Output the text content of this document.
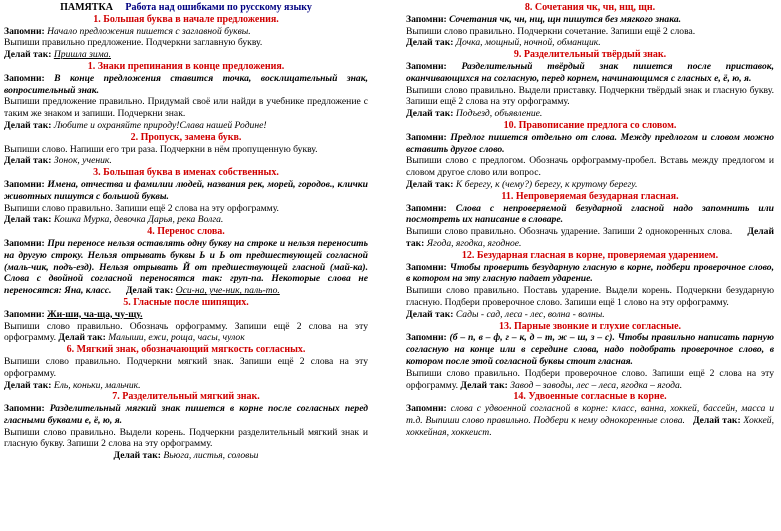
ПАМЯТКА Работа над ошибками по русскому языку
1. Большая буква в начале предложения.
Запомни: Начало предложения пишется с заглавной буквы.
Выпиши правильно предложение. Подчеркни заглавную букву.
Делай так: Пришла зима.
1. Знаки препинания в конце предложения.
Запомни: В конце предложения ставится точка, восклицательный знак, вопросительный знак.
Выпиши предложение правильно. Придумай своё или найди в учебнике предложение с таким же знаком и запиши. Подчеркни знак.
Делай так: Любите и охраняйте природу!Слава нашей Родине!
2. Пропуск, замена букв.
Выпиши слово. Напиши его три раза. Подчеркни в нём пропущенную букву.
Делай так: Зонок, ученик.
3. Большая буква в именах собственных.
Запомни: Имена, отчества и фамилии людей, названия рек, морей, городов., клички животных пишутся с большой буквы.
Выпиши слово правильно. Запиши ещё 2 слова на эту орфограмму.
Делай так: Кошка Мурка, девочка Дарья, река Волга.
4. Перенос слова.
Запомни: При переносе нельзя оставлять одну букву на строке и нельзя переносить на другую строку. Нельзя отрывать буквы Ь и Ь от предшествующей согласной (маль-чик, подъ-езд). Нельзя отрывать Й от предшествующей гласной (май-ка). Слова с двойной согласной переносятся так: груп-па. Некоторые слова не переносятся: Яна, класс. Делай так: Оси-на, уче-ник, паль-то.
5. Гласные после шипящих.
Запомни: Жи-ши, ча-ща, чу-щу.
Выпиши слово правильно. Обозначь орфограмму. Запиши ещё 2 слова на эту орфограмму. Делай так: Малыши, ежи, роща, часы, чулок
6. Мягкий знак, обозначающий мягкость согласных.
Выпиши слово правильно. Подчеркни мягкий знак. Запиши ещё 2 слова на эту орфограмму.
Делай так: Ель, коньки, мальчик.
7. Разделительный мягкий знак.
Запомни: Разделительный мягкий знак пишется в корне после согласных перед гласными буквами е, ё, ю, я.
Выпиши слово правильно. Выдели корень. Подчеркни разделительный мягкий знак и гласную букву. Запиши 2 слова на эту орфограмму.
Делай так: Вьюга, листья, соловьи
8. Сочетания чк, чн, нщ, щн.
Запомни: Сочетания чк, чн, нщ, щн пишутся без мягкого знака.
Выпиши слово правильно. Подчеркни сочетание. Запиши ещё 2 слова.
Делай так: Дочка, мощный, ночной, обманщик.
9. Разделительный твёрдый знак.
Запомни: Разделительный твёрдый знак пишется после приставок, оканчивающихся на согласную, перед корнем, начинающимся с гласных е, ё, ю, я.
Выпиши слово правильно. Выдели приставку. Подчеркни твёрдый знак и гласную букву. Запиши ещё 2 слова на эту орфограмму.
Делай так: Подъезд, объявление.
10. Правописание предлога со словом.
Запомни: Предлог пишется отдельно от слова. Между предлогом и словом можно вставить другое слово.
Выпиши слово с предлогом. Обозначь орфограмму-пробел. Вставь между предлогом и словом другое слово или вопрос.
Делай так: К берегу, к (чему?) берегу, к крутому берегу.
11. Непроверяемая безударная гласная.
Запомни: Слова с непроверяемой безударной гласной надо запомнить или посмотреть их написание в словаре.
Выпиши слово правильно. Обозначь ударение. Запиши 2 однокоренных слова. Делай так: Ягода, ягодка, ягодное.
12. Безударная гласная в корне, проверяемая ударением.
Запомни: Чтобы проверить безударную гласную в корне, подбери проверочное слово, в котором на эту гласную падает ударение.
Выпиши слово правильно. Поставь ударение. Выдели корень. Подчеркни безударную гласную. Подбери проверочное слово. Запиши ещё 1 слово на эту орфограмму.
Делай так: Сады - сад, леса - лес, волна - волны.
13. Парные звонкие и глухие согласные.
Запомни: (б – п, в – ф, г – к, д – т, ж – ш, з – с). Чтобы правильно написать парную согласную на конце или в середине слова, надо подобрать проверочное слово, в котором после этой согласной буквы стоит гласная.
Выпиши слово правильно. Подбери проверочное слово. Запиши ещё 2 слова на эту орфограмму. Делай так: Завод – заводы, лес – леса, ягодка – ягода.
14. Удвоенные согласные в корне.
Запомни: слова с удвоенной согласной в корне: класс, ванна, хоккей, бассейн, масса и т.д. Выпиши слово правильно. Подбери к нему однокоренные слова. Делай так: Хоккей, хоккейная, хоккеист.
